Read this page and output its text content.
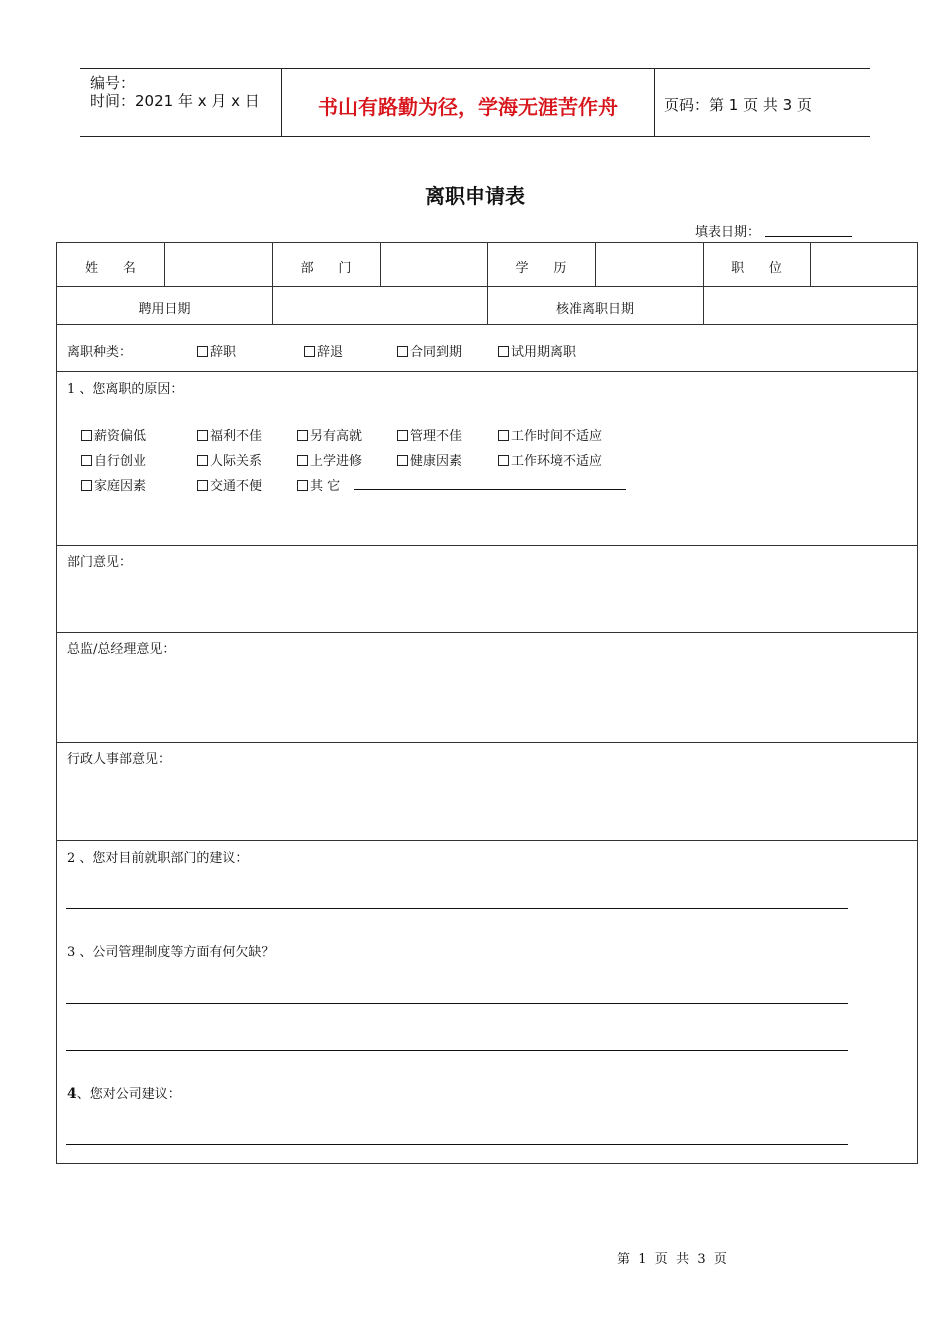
编号：
时间：2021 年 x 月 x 日	书山有路勤为径，学海无涯苦作舟	页码：第 1 页 共 3 页
离职申请表
填表日期：
姓      名	部      门	学      历	职      位
聘用日期	核准离职日期
离职种类：	辞职	辞退	合同到期	试用期离职
1 、您离职的原因：
薪资偏低	福利不佳	另有高就	管理不佳	工作时间不适应
自行创业	人际关系	上学进修	健康因素	工作环境不适应
家庭因素	交通不便	其 它
部门意见：
总监/总经理意见：
行政人事部意见：
2 、您对目前就职部门的建议：
3 、公司管理制度等方面有何欠缺？
4、您对公司建议：
第  1  页  共  3  页
